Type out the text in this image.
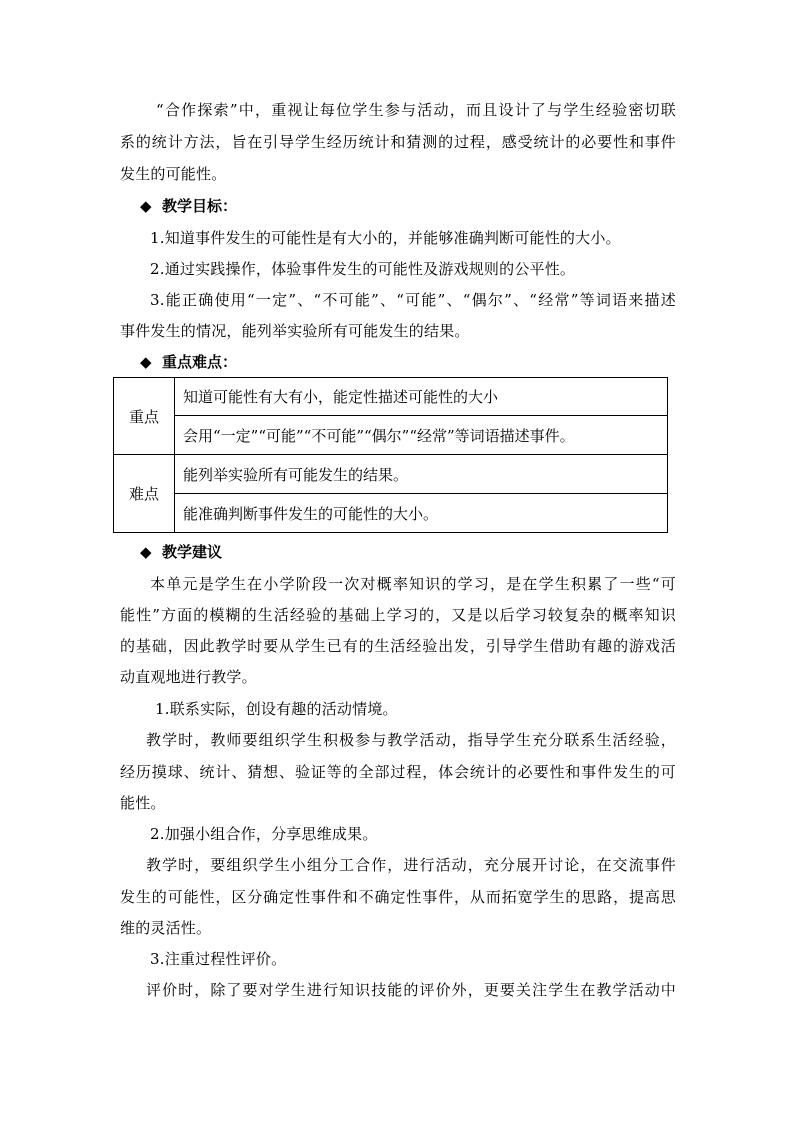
“合作探索”中，重视让每位学生参与活动，而且设计了与学生经验密切联
系的统计方法，旨在引导学生经历统计和猜测的过程，感受统计的必要性和事件
发生的可能性。
◆ 教学目标：
1.知道事件发生的可能性是有大小的，并能够准确判断可能性的大小。
2.通过实践操作，体验事件发生的可能性及游戏规则的公平性。
3.能正确使用“一定”、“不可能”、“可能”、“偶尔”、“经常”等词语来描述
事件发生的情况，能列举实验所有可能发生的结果。
◆ 重点难点：
重点	知道可能性有大有小，能定性描述可能性的大小
	会用“一定”“可能”“不可能”“偶尔”“经常”等词语描述事件。
难点	能列举实验所有可能发生的结果。
	能准确判断事件发生的可能性的大小。
◆ 教学建议
本单元是学生在小学阶段一次对概率知识的学习，是在学生积累了一些“可
能性”方面的模糊的生活经验的基础上学习的，又是以后学习较复杂的概率知识
的基础，因此教学时要从学生已有的生活经验出发，引导学生借助有趣的游戏活
动直观地进行教学。
1.联系实际，创设有趣的活动情境。
教学时，教师要组织学生积极参与教学活动，指导学生充分联系生活经验，
经历摸球、统计、猜想、验证等的全部过程，体会统计的必要性和事件发生的可
能性。
2.加强小组合作，分享思维成果。
教学时，要组织学生小组分工合作，进行活动，充分展开讨论，在交流事件
发生的可能性，区分确定性事件和不确定性事件，从而拓宽学生的思路，提高思
维的灵活性。
3.注重过程性评价。
评价时，除了要对学生进行知识技能的评价外，更要关注学生在教学活动中
